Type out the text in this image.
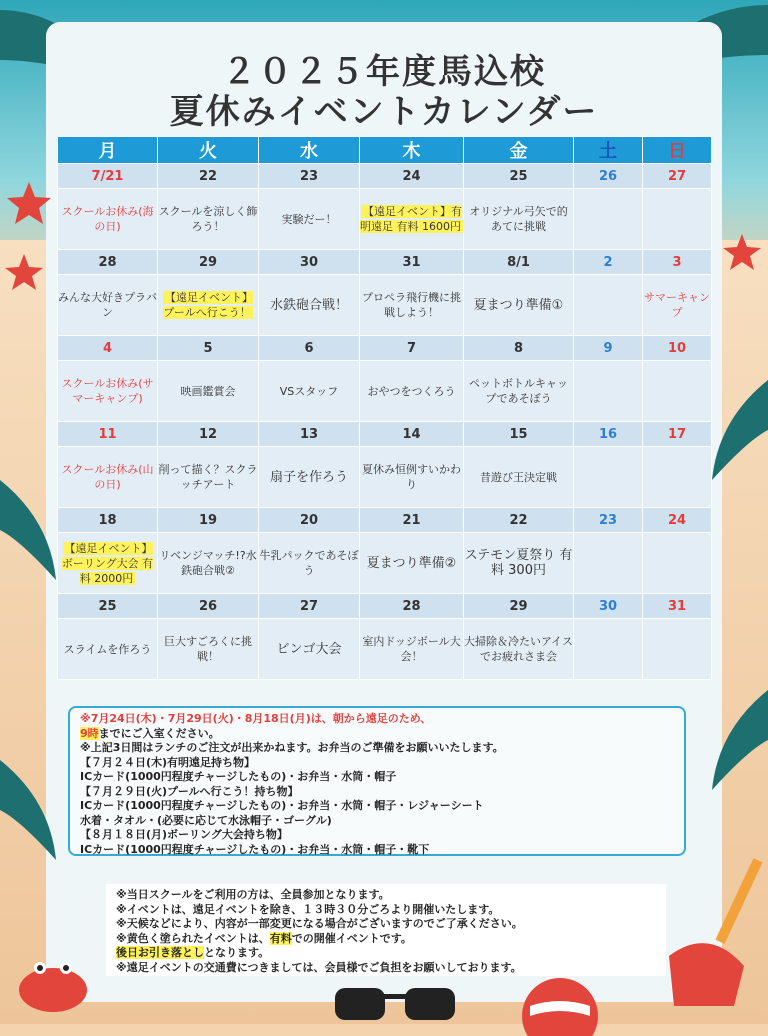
２０２５年度馬込校
夏休みイベントカレンダー
月	火	水	木	金	土	日
7/21	22	23	24	25	26	27
スクールお休み(海の日)	スクールを涼しく飾ろう！	実験だー！	【遠足イベント】有明遠足 有料 1600円	オリジナル弓矢で的あてに挑戦		
28	29	30	31	8/1	2	3
みんな大好きプラバン	【遠足イベント】プールへ行こう！	水鉄砲合戦！	プロペラ飛行機に挑戦しよう！	夏まつり準備①		サマーキャンプ
4	5	6	7	8	9	10
スクールお休み(サマーキャンプ)	映画鑑賞会	VSスタッフ	おやつをつくろう	ペットボトルキャップであそぼう		
11	12	13	14	15	16	17
スクールお休み(山の日)	削って描く？スクラッチアート	扇子を作ろう	夏休み恒例すいかわり	昔遊び王決定戦		
18	19	20	21	22	23	24
【遠足イベント】ボーリング大会 有料 2000円	リベンジマッチ!?水鉄砲合戦②	牛乳パックであそぼう	夏まつり準備②	ステモン夏祭り 有料 300円		
25	26	27	28	29	30	31
スライムを作ろう	巨大すごろくに挑戦！	ビンゴ大会	室内ドッジボール大会！	大掃除＆冷たいアイスでお疲れさま会		
※7月24日(木)・7月29日(火)・8月18日(月)は、朝から遠足のため、
9時までにご入室ください。
※上記3日間はランチのご注文が出来かねます。お弁当のご準備をお願いいたします。
【７月２４日(木)有明遠足持ち物】
ICカード(1000円程度チャージしたもの)・お弁当・水筒・帽子
【７月２９日(火)プールへ行こう！持ち物】
ICカード(1000円程度チャージしたもの)・お弁当・水筒・帽子・レジャーシート
水着・タオル・(必要に応じて水泳帽子・ゴーグル)
【８月１８日(月)ボーリング大会持ち物】
ICカード(1000円程度チャージしたもの)・お弁当・水筒・帽子・靴下
※当日スクールをご利用の方は、全員参加となります。
※イベントは、遠足イベントを除き、１３時３０分ごろより開催いたします。
※天候などにより、内容が一部変更になる場合がございますのでご了承ください。
※黄色く塗られたイベントは、有料での開催イベントです。
後日お引き落としとなります。
※遠足イベントの交通費につきましては、会員様でご負担をお願いしております。
